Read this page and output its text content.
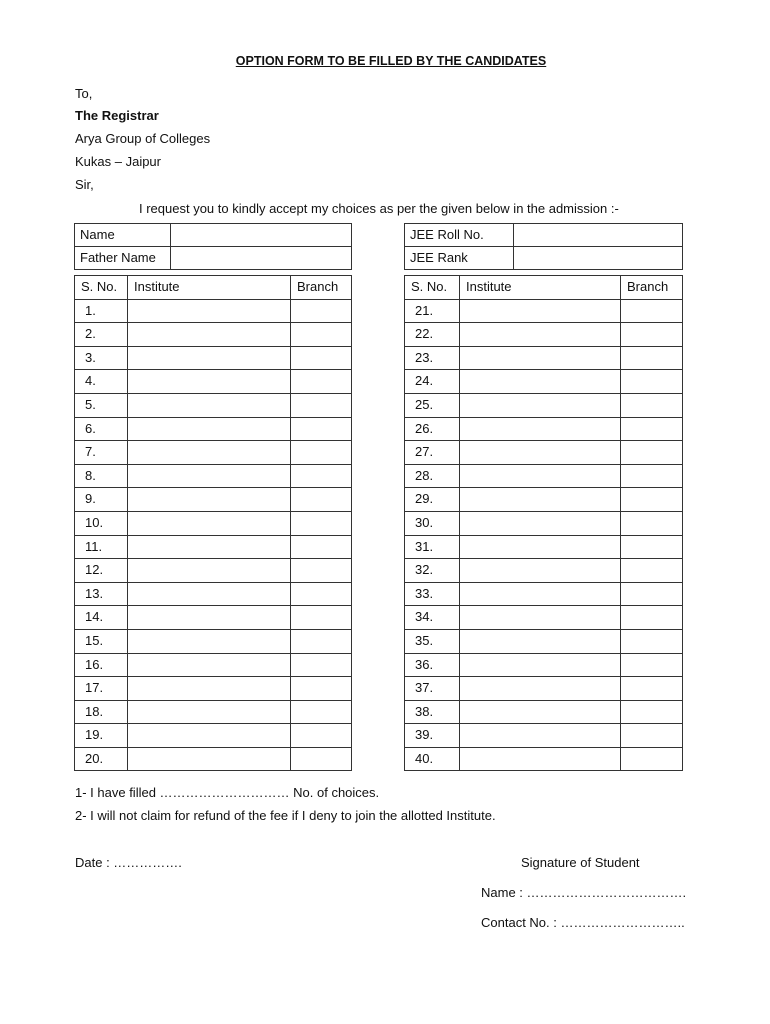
OPTION FORM TO BE FILLED BY THE CANDIDATES
To,
The Registrar
Arya Group of Colleges
Kukas – Jaipur
Sir,
I request you to kindly accept my choices as per the given below in the admission :-
Name	
Father Name	
JEE Roll No.	
JEE Rank	
S. No.	Institute	Branch
1.		
2.		
3.		
4.		
5.		
6.		
7.		
8.		
9.		
10.		
11.		
12.		
13.		
14.		
15.		
16.		
17.		
18.		
19.		
20.		
S. No.	Institute	Branch
21.		
22.		
23.		
24.		
25.		
26.		
27.		
28.		
29.		
30.		
31.		
32.		
33.		
34.		
35.		
36.		
37.		
38.		
39.		
40.		
1- I have filled ………………………… No. of choices.
2- I will not claim for refund of the fee if I deny to join the allotted Institute.
Date : …………….	Signature of Student
Name : ……………………………….
Contact No. : ………………………..
